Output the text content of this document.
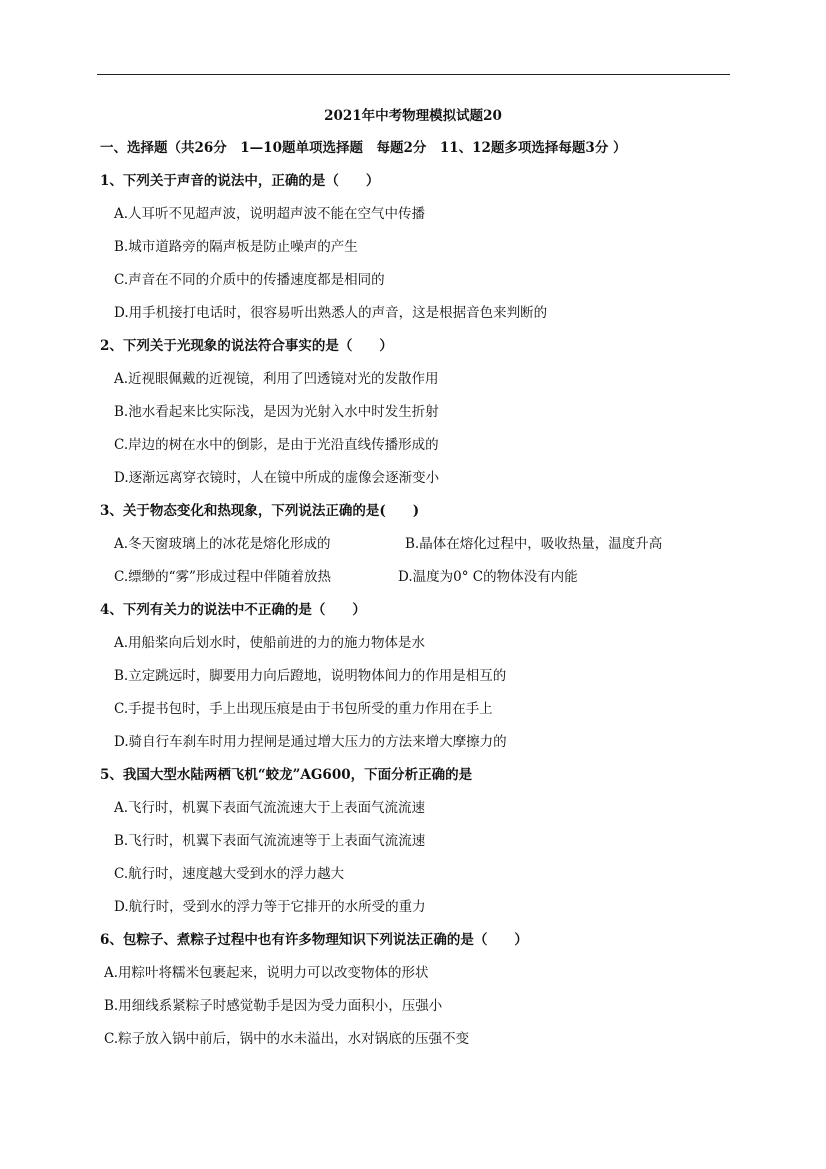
2021年中考物理模拟试题20
一、选择题（共26分　1—10题单项选择题　每题2分　11、12题多项选择每题3分 ）
1、下列关于声音的说法中，正确的是（　　）
A.人耳听不见超声波，说明超声波不能在空气中传播
B.城市道路旁的隔声板是防止噪声的产生
C.声音在不同的介质中的传播速度都是相同的
D.用手机接打电话时，很容易听出熟悉人的声音，这是根据音色来判断的
2、下列关于光现象的说法符合事实的是（　　）
A.近视眼佩戴的近视镜，利用了凹透镜对光的发散作用
B.池水看起来比实际浅，是因为光射入水中时发生折射
C.岸边的树在水中的倒影，是由于光沿直线传播形成的
D.逐渐远离穿衣镜时，人在镜中所成的虚像会逐渐变小
3、关于物态变化和热现象，下列说法正确的是(　　)
A.冬天窗玻璃上的冰花是熔化形成的	B.晶体在熔化过程中，吸收热量，温度升高
C.缥缈的“雾”形成过程中伴随着放热	D.温度为0° C的物体没有内能
4、下列有关力的说法中不正确的是（　　）
A.用船桨向后划水时，使船前进的力的施力物体是水
B.立定跳远时，脚要用力向后蹬地，说明物体间力的作用是相互的
C.手提书包时，手上出现压痕是由于书包所受的重力作用在手上
D.骑自行车刹车时用力捏闸是通过增大压力的方法来增大摩擦力的
5、我国大型水陆两栖飞机“蛟龙”AG600，下面分析正确的是
A.飞行时，机翼下表面气流流速大于上表面气流流速
B.飞行时，机翼下表面气流流速等于上表面气流流速
C.航行时，速度越大受到水的浮力越大
D.航行时，受到水的浮力等于它排开的水所受的重力
6、包粽子、煮粽子过程中也有许多物理知识下列说法正确的是（　　）
A.用粽叶将糯米包裹起来，说明力可以改变物体的形状
B.用细线系紧粽子时感觉勒手是因为受力面积小，压强小
C.粽子放入锅中前后，锅中的水未溢出，水对锅底的压强不变
